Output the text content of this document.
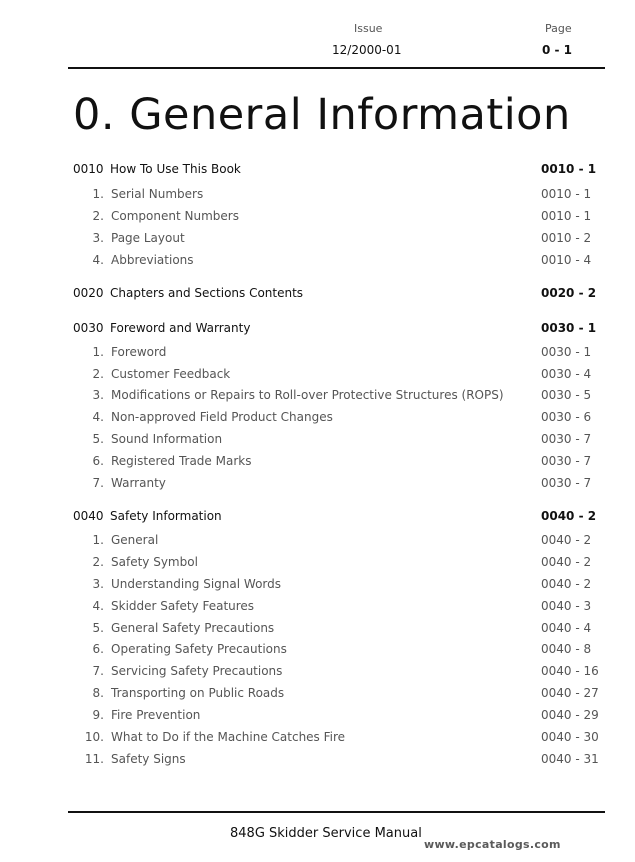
Issue
12/2000-01
Page
0 - 1
0. General Information
0010 How To Use This Book	0010 - 1
1. Serial Numbers	0010 - 1
2. Component Numbers	0010 - 1
3. Page Layout	0010 - 2
4. Abbreviations	0010 - 4
0020 Chapters and Sections Contents	0020 - 2
0030 Foreword and Warranty	0030 - 1
1. Foreword	0030 - 1
2. Customer Feedback	0030 - 4
3. Modifications or Repairs to Roll-over Protective Structures (ROPS)	0030 - 5
4. Non-approved Field Product Changes	0030 - 6
5. Sound Information	0030 - 7
6. Registered Trade Marks	0030 - 7
7. Warranty	0030 - 7
0040 Safety Information	0040 - 2
1. General	0040 - 2
2. Safety Symbol	0040 - 2
3. Understanding Signal Words	0040 - 2
4. Skidder Safety Features	0040 - 3
5. General Safety Precautions	0040 - 4
6. Operating Safety Precautions	0040 - 8
7. Servicing Safety Precautions	0040 - 16
8. Transporting on Public Roads	0040 - 27
9. Fire Prevention	0040 - 29
10. What to Do if the Machine Catches Fire	0040 - 30
11. Safety Signs	0040 - 31
848G Skidder Service Manual
www.epcatalogs.com
